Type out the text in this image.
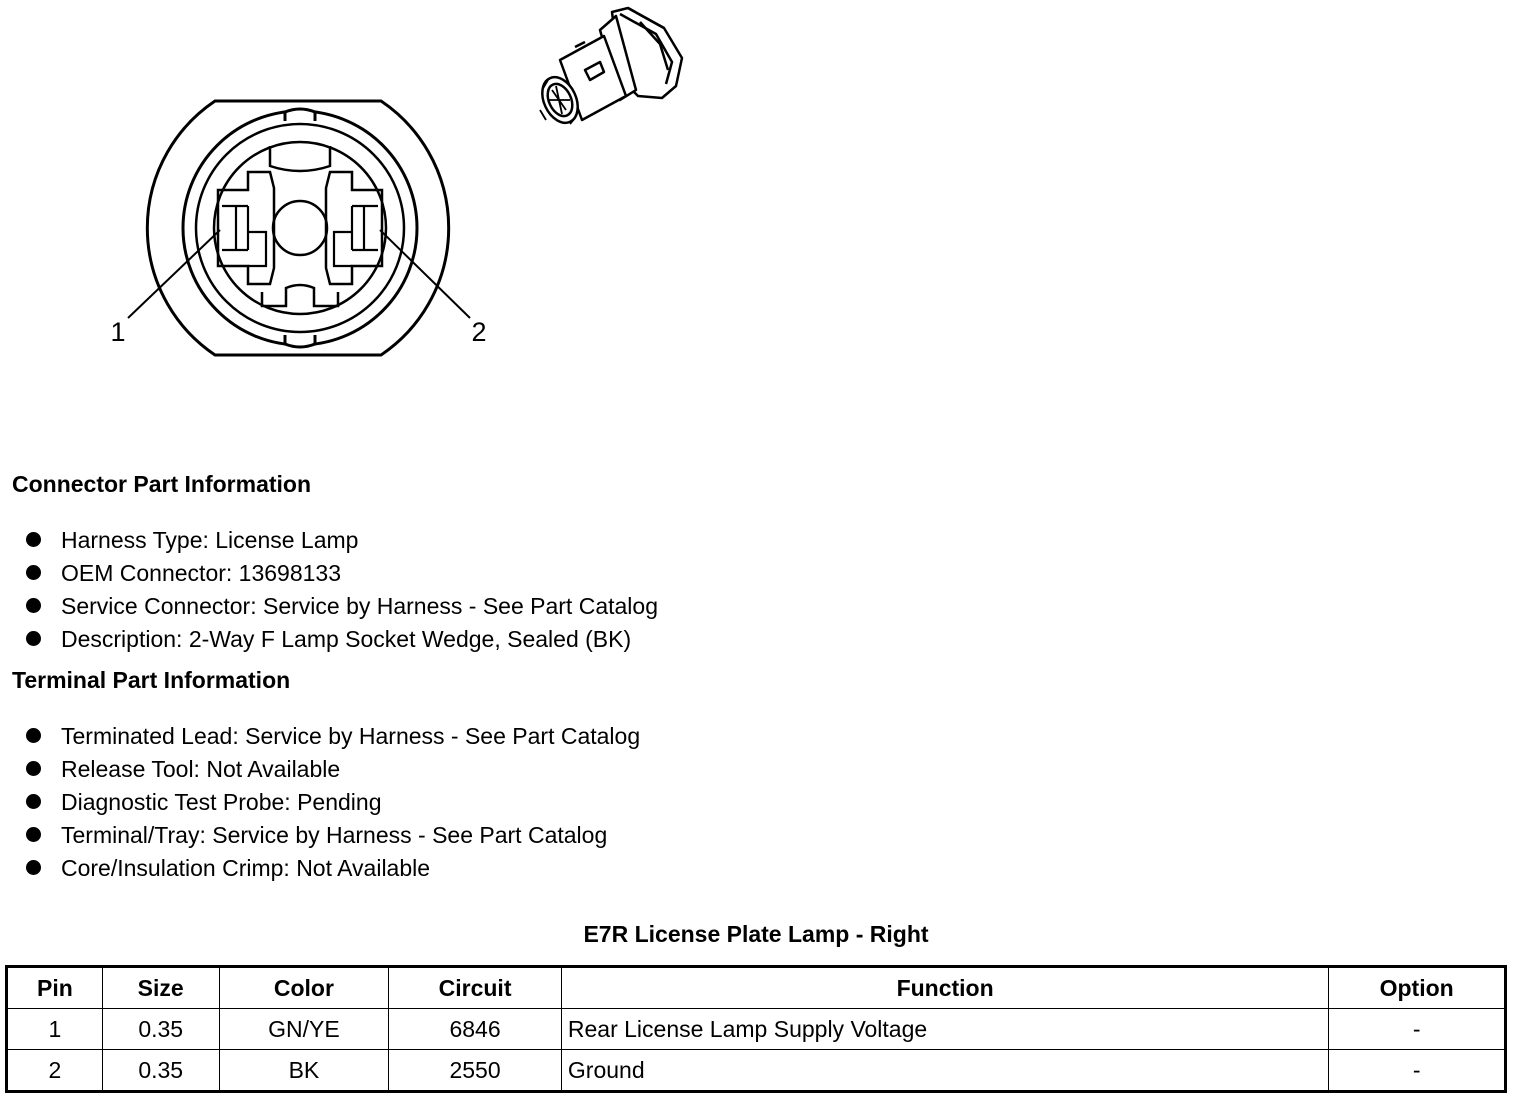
1	2
Connector Part Information
Harness Type: License Lamp
OEM Connector: 13698133
Service Connector: Service by Harness - See Part Catalog
Description: 2-Way F Lamp Socket Wedge, Sealed (BK)
Terminal Part Information
Terminated Lead: Service by Harness - See Part Catalog
Release Tool: Not Available
Diagnostic Test Probe: Pending
Terminal/Tray: Service by Harness - See Part Catalog
Core/Insulation Crimp: Not Available
E7R License Plate Lamp - Right
Pin	Size	Color	Circuit	Function	Option
1	0.35	GN/YE	6846	Rear License Lamp Supply Voltage	-
2	0.35	BK	2550	Ground	-
